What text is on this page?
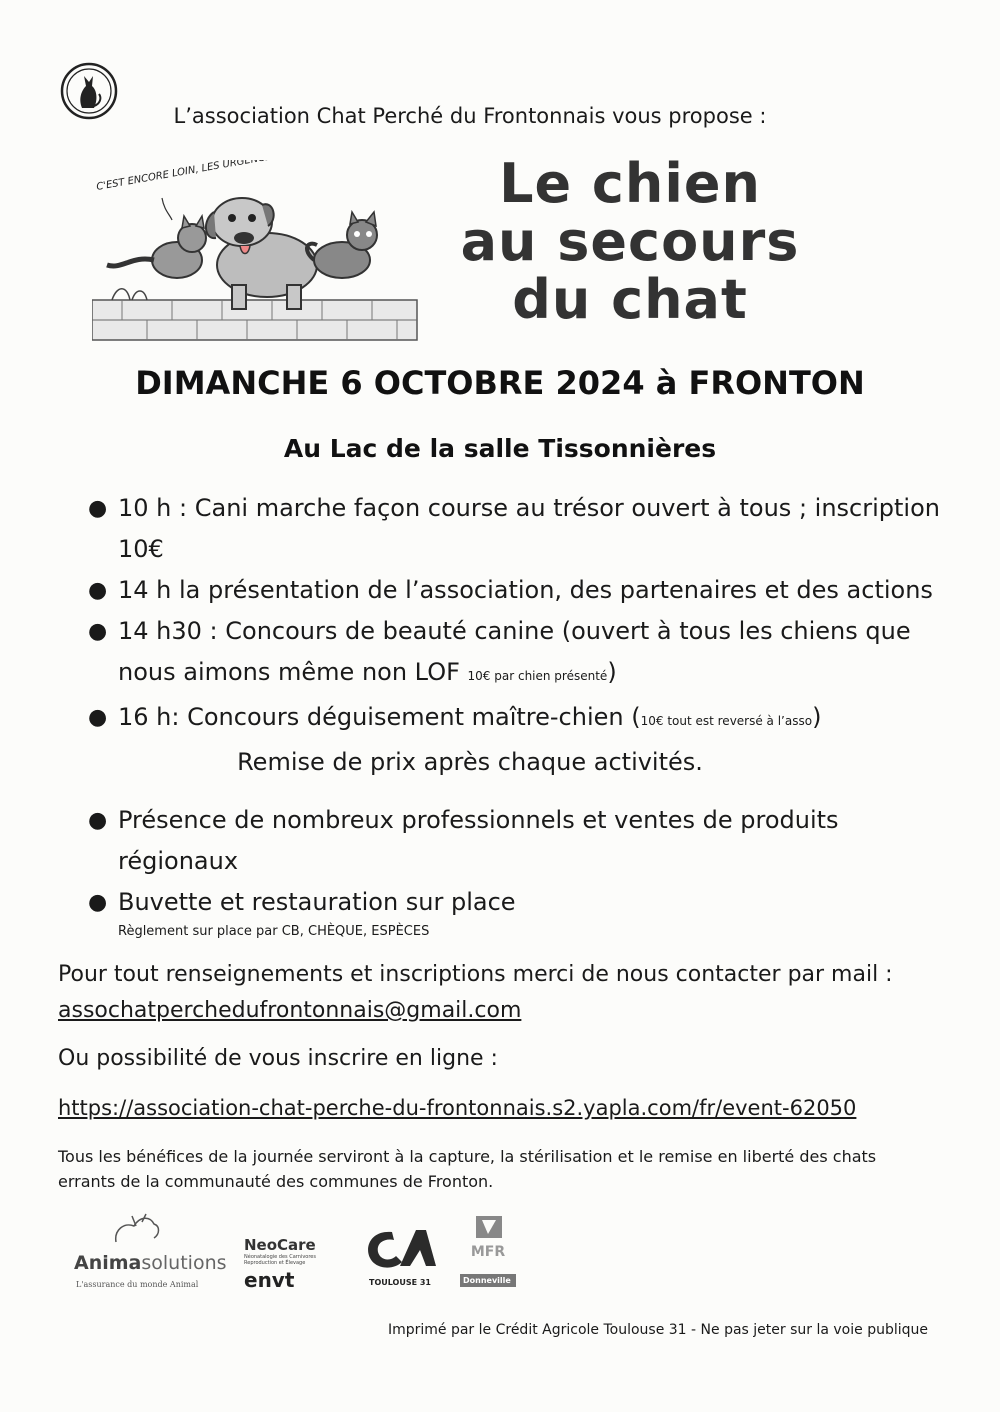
L’association Chat Perché du Frontonnais vous propose :
C'EST ENCORE LOIN, LES URGENCES ?..	Le chien
au secours
du chat
DIMANCHE 6 OCTOBRE 2024 à FRONTON
Au Lac de la salle Tissonnières
● 10 h : Cani marche façon course au trésor ouvert à tous ; inscription 10€
● 14 h la présentation de l’association, des partenaires et des actions
● 14 h30 : Concours de beauté canine (ouvert à tous les chiens que nous aimons même non LOF 10€ par chien présenté)
● 16 h: Concours déguisement maître-chien (10€ tout est reversé à l’asso)
Remise de prix après chaque activités.
● Présence de nombreux professionnels et ventes de produits régionaux
● Buvette et restauration sur place
Règlement sur place par CB, CHÈQUE, ESPÈCES
Pour tout renseignements et inscriptions merci de nous contacter par mail :
assochatperchedufrontonnais@gmail.com
Ou possibilité de vous inscrire en ligne :
https://association-chat-perche-du-frontonnais.s2.yapla.com/fr/event-62050
Tous les bénéfices de la journée serviront à la capture, la stérilisation et le remise en liberté des chats errants de la communauté des communes de Fronton.
Animasolutions
L'assurance du monde Animal
NeoCare
Néonatalogie des Carnivores Reproduction et Élevage
envt	TOULOUSE 31
MFR
Donneville
Imprimé par le Crédit Agricole Toulouse 31 - Ne pas jeter sur la voie publique
